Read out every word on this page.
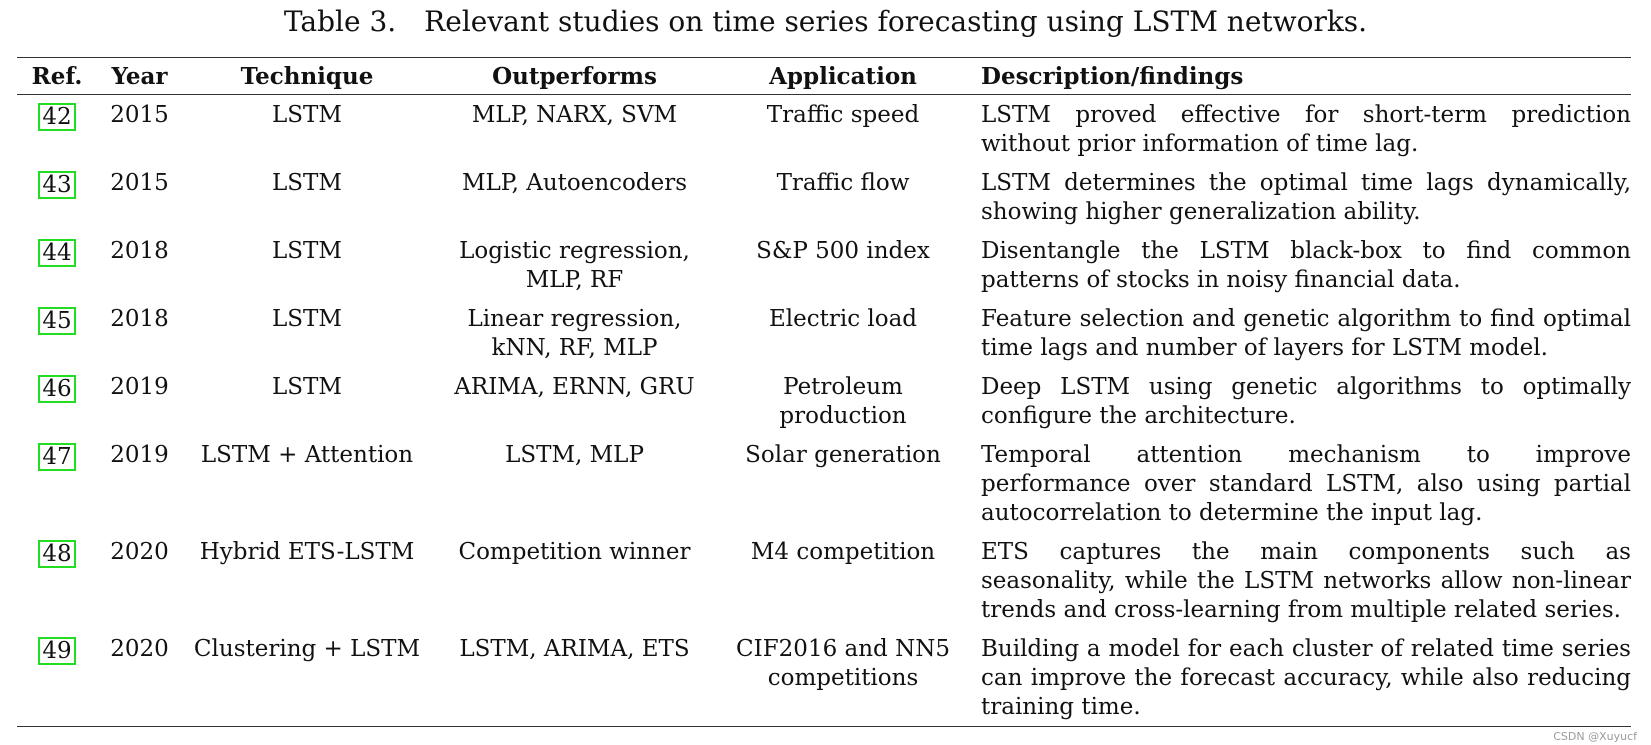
Table 3. Relevant studies on time series forecasting using LSTM networks.
Ref.	Year	Technique	Outperforms	Application	Description/findings
42	2015	LSTM	MLP, NARX, SVM	Traffic speed	LSTM proved effective for short-term prediction without prior information of time lag.
43	2015	LSTM	MLP, Autoencoders	Traffic flow	LSTM determines the optimal time lags dynamically, showing higher generalization ability.
44	2018	LSTM	Logistic regression, MLP, RF	S&P 500 index	Disentangle the LSTM black-box to find common patterns of stocks in noisy financial data.
45	2018	LSTM	Linear regression, kNN, RF, MLP	Electric load	Feature selection and genetic algorithm to find optimal time lags and number of layers for LSTM model.
46	2019	LSTM	ARIMA, ERNN, GRU	Petroleum production	Deep LSTM using genetic algorithms to optimally configure the architecture.
47	2019	LSTM + Attention	LSTM, MLP	Solar generation	Temporal attention mechanism to improve performance over standard LSTM, also using partial autocorrelation to determine the input lag.
48	2020	Hybrid ETS-LSTM	Competition winner	M4 competition	ETS captures the main components such as seasonality, while the LSTM networks allow non-linear trends and cross-learning from multiple related series.
49	2020	Clustering + LSTM	LSTM, ARIMA, ETS	CIF2016 and NN5 competitions	Building a model for each cluster of related time series can improve the forecast accuracy, while also reducing training time.
CSDN @Xuyucf
